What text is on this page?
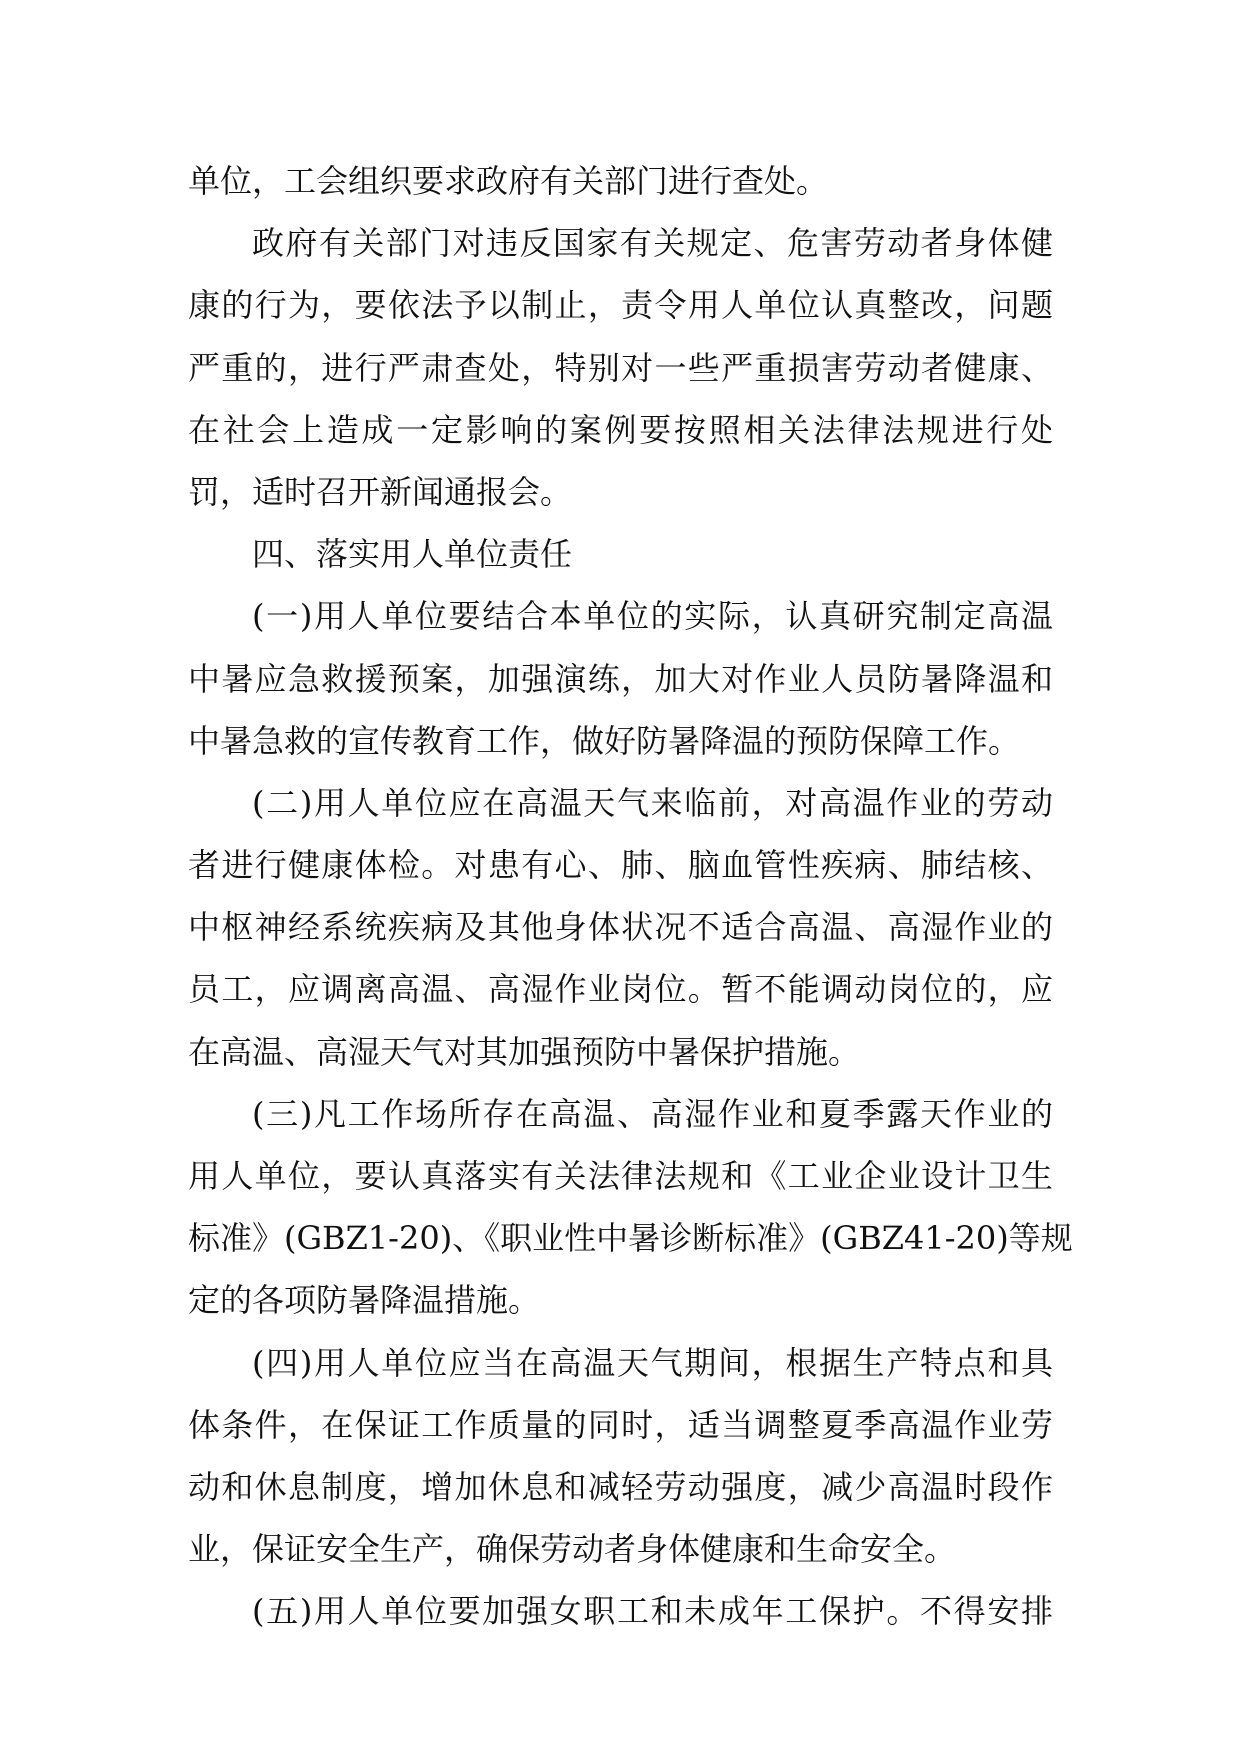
单位，工会组织要求政府有关部门进行查处。
政府有关部门对违反国家有关规定、危害劳动者身体健
康的行为，要依法予以制止，责令用人单位认真整改，问题
严重的，进行严肃查处，特别对一些严重损害劳动者健康、
在社会上造成一定影响的案例要按照相关法律法规进行处
罚，适时召开新闻通报会。
四、落实用人单位责任
(一)用人单位要结合本单位的实际，认真研究制定高温
中暑应急救援预案，加强演练，加大对作业人员防暑降温和
中暑急救的宣传教育工作，做好防暑降温的预防保障工作。
(二)用人单位应在高温天气来临前，对高温作业的劳动
者进行健康体检。对患有心、肺、脑血管性疾病、肺结核、
中枢神经系统疾病及其他身体状况不适合高温、高湿作业的
员工，应调离高温、高湿作业岗位。暂不能调动岗位的，应
在高温、高湿天气对其加强预防中暑保护措施。
(三)凡工作场所存在高温、高湿作业和夏季露天作业的
用人单位，要认真落实有关法律法规和《工业企业设计卫生
标准》(GBZ1-20)、《职业性中暑诊断标准》(GBZ41-20)等规
定的各项防暑降温措施。
(四)用人单位应当在高温天气期间，根据生产特点和具
体条件，在保证工作质量的同时，适当调整夏季高温作业劳
动和休息制度，增加休息和减轻劳动强度，减少高温时段作
业，保证安全生产，确保劳动者身体健康和生命安全。
(五)用人单位要加强女职工和未成年工保护。不得安排
